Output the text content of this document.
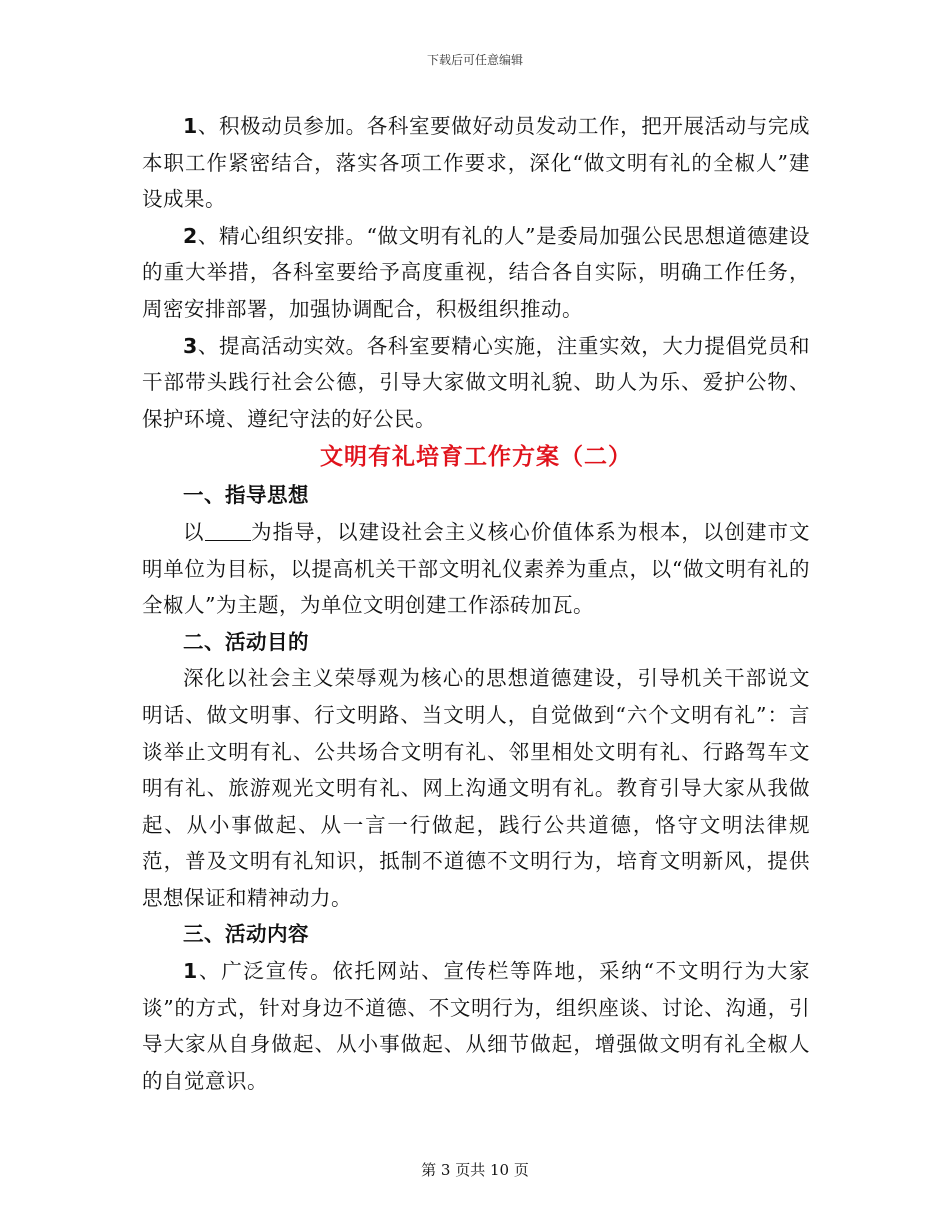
下载后可任意编辑

1、积极动员参加。各科室要做好动员发动工作，把开展活动与完成本职工作紧密结合，落实各项工作要求，深化“做文明有礼的全椒人”建设成果。

2、精心组织安排。“做文明有礼的人”是委局加强公民思想道德建设的重大举措，各科室要给予高度重视，结合各自实际，明确工作任务，周密安排部署，加强协调配合，积极组织推动。

3、提高活动实效。各科室要精心实施，注重实效，大力提倡党员和干部带头践行社会公德，引导大家做文明礼貌、助人为乐、爱护公物、保护环境、遵纪守法的好公民。

文明有礼培育工作方案（二）

一、指导思想

以 为指导，以建设社会主义核心价值体系为根本，以创建市文明单位为目标，以提高机关干部文明礼仪素养为重点，以“做文明有礼的全椒人”为主题，为单位文明创建工作添砖加瓦。

二、活动目的

深化以社会主义荣辱观为核心的思想道德建设，引导机关干部说文明话、做文明事、行文明路、当文明人，自觉做到“六个文明有礼”：言谈举止文明有礼、公共场合文明有礼、邻里相处文明有礼、行路驾车文明有礼、旅游观光文明有礼、网上沟通文明有礼。教育引导大家从我做起、从小事做起、从一言一行做起，践行公共道德，恪守文明法律规范，普及文明有礼知识，抵制不道德不文明行为，培育文明新风，提供思想保证和精神动力。

三、活动内容

1、广泛宣传。依托网站、宣传栏等阵地，采纳“不文明行为大家谈”的方式，针对身边不道德、不文明行为，组织座谈、讨论、沟通，引导大家从自身做起、从小事做起、从细节做起，增强做文明有礼全椒人的自觉意识。

第 3 页共 10 页
